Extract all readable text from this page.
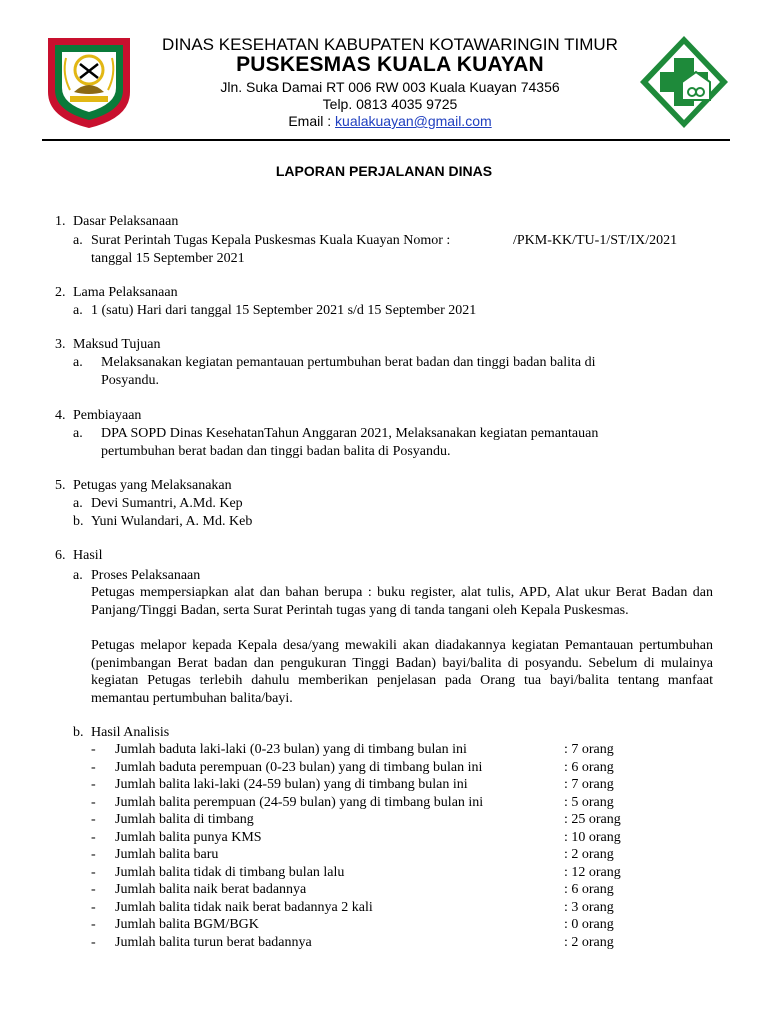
DINAS KESEHATAN KABUPATEN KOTAWARINGIN TIMUR
PUSKESMAS KUALA KUAYAN
Jln. Suka Damai RT 006 RW 003 Kuala Kuayan 74356
Telp. 0813 4035 9725
Email : kualakuayan@gmail.com
LAPORAN PERJALANAN DINAS
1. Dasar Pelaksanaan
a. Surat Perintah Tugas Kepala Puskesmas Kuala Kuayan Nomor :	/PKM-KK/TU-1/ST/IX/2021
tanggal 15 September 2021
2. Lama Pelaksanaan
a. 1 (satu) Hari dari tanggal 15 September 2021 s/d 15 September 2021
3. Maksud Tujuan
a. Melaksanakan kegiatan pemantauan pertumbuhan berat badan dan tinggi badan balita di
Posyandu.
4. Pembiayaan
a. DPA SOPD Dinas KesehatanTahun Anggaran 2021, Melaksanakan kegiatan pemantauan
pertumbuhan berat badan dan tinggi badan balita di Posyandu.
5. Petugas yang Melaksanakan
a. Devi Sumantri, A.Md. Kep
b. Yuni Wulandari, A. Md. Keb
6. Hasil
a. Proses Pelaksanaan
Petugas mempersiapkan alat dan bahan berupa : buku register, alat tulis, APD, Alat ukur Berat Badan dan Panjang/Tinggi Badan, serta Surat Perintah tugas yang di tanda tangani oleh Kepala Puskesmas.
Petugas melapor kepada Kepala desa/yang mewakili akan diadakannya kegiatan Pemantauan pertumbuhan (penimbangan Berat badan dan pengukuran Tinggi Badan) bayi/balita di posyandu. Sebelum di mulainya kegiatan Petugas terlebih dahulu memberikan penjelasan pada Orang tua bayi/balita tentang manfaat memantau pertumbuhan balita/bayi.
b. Hasil Analisis
- Jumlah baduta laki-laki (0-23 bulan) yang di timbang bulan ini	: 7 orang
- Jumlah baduta perempuan (0-23 bulan) yang di timbang bulan ini	: 6 orang
- Jumlah balita laki-laki (24-59 bulan) yang di timbang bulan ini	: 7 orang
- Jumlah balita perempuan (24-59 bulan) yang di timbang bulan ini	: 5 orang
- Jumlah balita di timbang	: 25 orang
- Jumlah balita punya KMS	: 10 orang
- Jumlah balita baru	: 2 orang
- Jumlah balita tidak di timbang bulan lalu	: 12 orang
- Jumlah balita naik berat badannya	: 6 orang
- Jumlah balita tidak naik berat badannya 2 kali	: 3 orang
- Jumlah balita BGM/BGK	: 0 orang
- Jumlah balita turun berat badannya	: 2 orang
